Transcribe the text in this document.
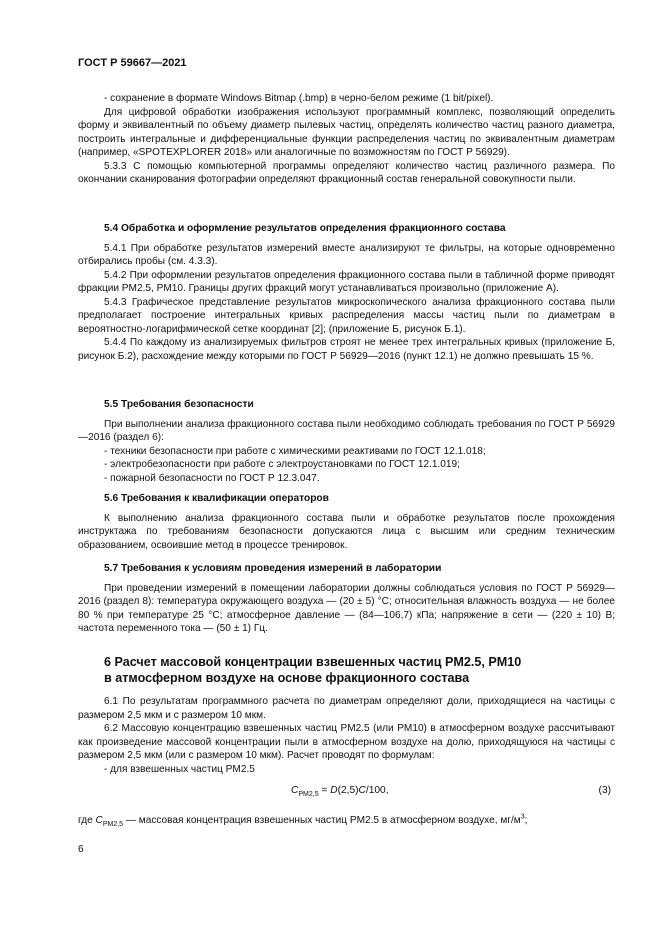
ГОСТ Р 59667—2021

- сохранение в формате Windows Bitmap (.bmp) в черно-белом режиме (1 bit/pixel).

Для цифровой обработки изображения используют программный комплекс, позволяющий определить форму и эквивалентный по объему диаметр пылевых частиц, определять количество частиц разного диаметра, построить интегральные и дифференциальные функции распределения частиц по эквивалентным диаметрам (например, «SPOTEXPLORER 2018» или аналогичные по возможностям по ГОСТ Р 56929).

5.3.3 С помощью компьютерной программы определяют количество частиц различного размера. По окончании сканирования фотографии определяют фракционный состав генеральной совокупности пыли.

5.4 Обработка и оформление результатов определения фракционного состава

5.4.1 При обработке результатов измерений вместе анализируют те фильтры, на которые одновременно отбирались пробы (см. 4.3.3).

5.4.2 При оформлении результатов определения фракционного состава пыли в табличной форме приводят фракции PM2.5, PM10. Границы других фракций могут устанавливаться произвольно (приложение А).

5.4.3 Графическое представление результатов микроскопического анализа фракционного состава пыли предполагает построение интегральных кривых распределения массы частиц пыли по диаметрам в вероятностно-логарифмической сетке координат [2]; (приложение Б, рисунок Б.1).

5.4.4 По каждому из анализируемых фильтров строят не менее трех интегральных кривых (приложение Б, рисунок Б.2), расхождение между которыми по ГОСТ Р 56929—2016 (пункт 12.1) не должно превышать 15 %.

5.5 Требования безопасности

При выполнении анализа фракционного состава пыли необходимо соблюдать требования по ГОСТ Р 56929—2016 (раздел 6):

- техники безопасности при работе с химическими реактивами по ГОСТ 12.1.018;

- электробезопасности при работе с электроустановками по ГОСТ 12.1.019;

- пожарной безопасности по ГОСТ Р 12.3.047.

5.6 Требования к квалификации операторов

К выполнению анализа фракционного состава пыли и обработке результатов после прохождения инструктажа по требованиям безопасности допускаются лица с высшим или средним техническим образованием, освоившие метод в процессе тренировок.

5.7 Требования к условиям проведения измерений в лаборатории

При проведении измерений в помещении лаборатории должны соблюдаться условия по ГОСТ Р 56929—2016 (раздел 8): температура окружающего воздуха — (20 ± 5) °С; относительная влажность воздуха — не более 80 % при температуре 25 °С; атмосферное давление — (84—106,7) кПа; напряжение в сети — (220 ± 10) В; частота переменного тока — (50 ± 1) Гц.

6 Расчет массовой концентрации взвешенных частиц PM2.5, PM10
в атмосферном воздухе на основе фракционного состава

6.1 По результатам программного расчета по диаметрам определяют доли, приходящиеся на частицы с размером 2,5 мкм и с размером 10 мкм.

6.2 Массовую концентрацию взвешенных частиц PM2.5 (или PM10) в атмосферном воздухе рассчитывают как произведение массовой концентрации пыли в атмосферном воздухе на долю, приходящуюся на частицы с размером 2,5 мкм (или с размером 10 мкм). Расчет проводят по формулам:

- для взвешенных частиц PM2.5

$C_{PM2,5} = D(2,5)C/100$,	(3)

где $C_{PM2,5}$ — массовая концентрация взвешенных частиц PM2.5 в атмосферном воздухе, $мг/м^3$;

6
